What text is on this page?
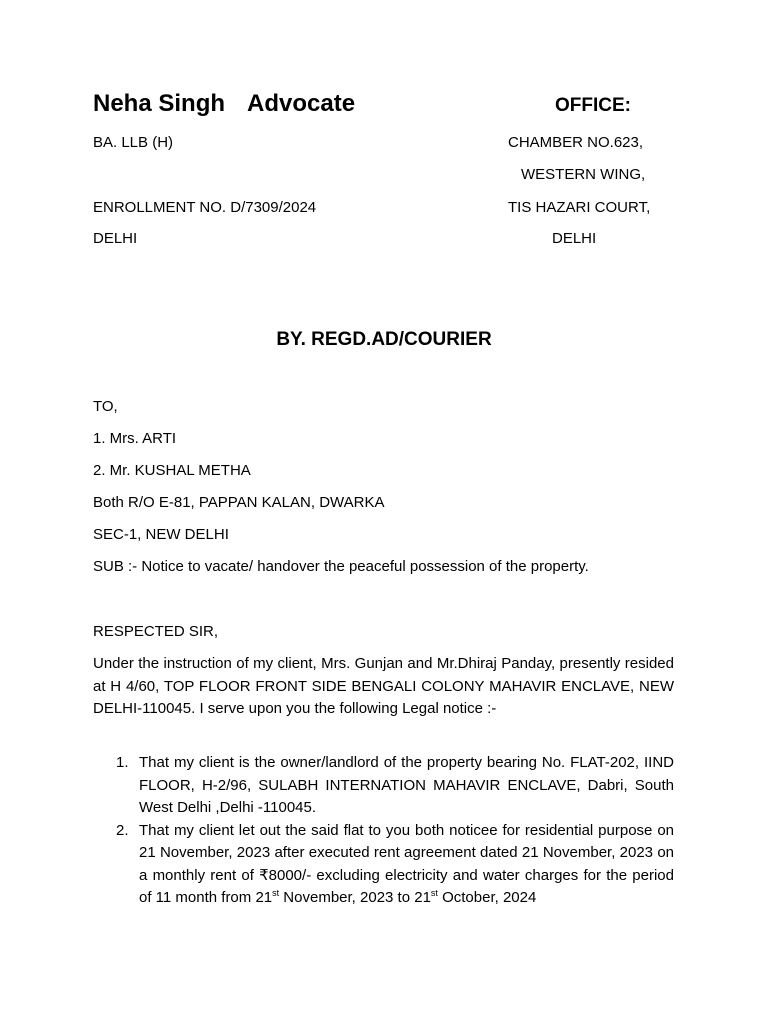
Neha Singh Advocate
BA. LLB (H)
ENROLLMENT NO. D/7309/2024
DELHI
OFFICE:
CHAMBER NO.623,
WESTERN WING,
TIS HAZARI COURT,
DELHI
BY. REGD.AD/COURIER
TO,
1. Mrs. ARTI
2. Mr. KUSHAL METHA
Both R/O E-81, PAPPAN KALAN, DWARKA
SEC-1, NEW DELHI
SUB :- Notice to vacate/ handover the peaceful possession of the property.
RESPECTED SIR,
Under the instruction of my client, Mrs. Gunjan and Mr.Dhiraj Panday, presently resided at H 4/60, TOP FLOOR FRONT SIDE BENGALI COLONY MAHAVIR ENCLAVE, NEW DELHI-110045. I serve upon you the following Legal notice :-
1. That my client is the owner/landlord of the property bearing No. FLAT-202, IIND FLOOR, H-2/96, SULABH INTERNATION MAHAVIR ENCLAVE, Dabri, South West Delhi ,Delhi -110045.
2. That my client let out the said flat to you both noticee for residential purpose on 21 November, 2023 after executed rent agreement dated 21 November, 2023 on a monthly rent of ₹8000/- excluding electricity and water charges for the period of 11 month from 21st November, 2023 to 21st October, 2024
